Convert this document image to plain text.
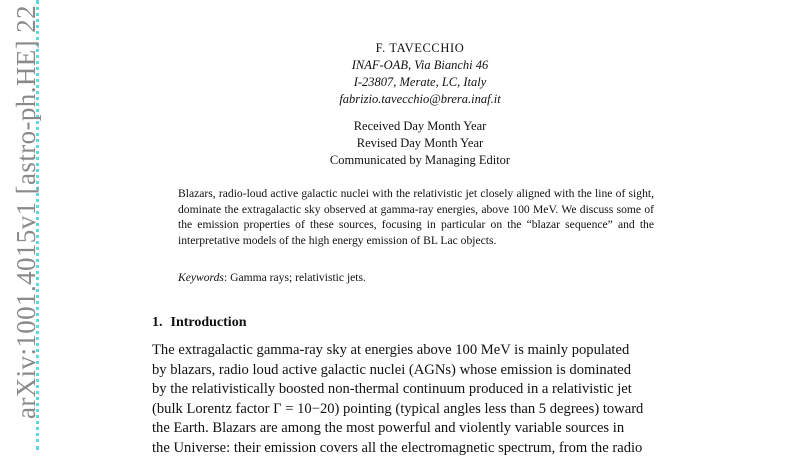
arXiv:1001.4015v1 [astro-ph.HE] 22	F. TAVECCHIO
INAF-OAB, Via Bianchi 46
I-23807, Merate, LC, Italy
fabrizio.tavecchio@brera.inaf.it
Received Day Month Year
Revised Day Month Year
Communicated by Managing Editor
Blazars, radio-loud active galactic nuclei with the relativistic jet closely aligned with the line of sight, dominate the extragalactic sky observed at gamma-ray energies, above 100 MeV. We discuss some of the emission properties of these sources, focusing in particular on the “blazar sequence” and the interpretative models of the high energy emission of BL Lac objects.
Keywords: Gamma rays; relativistic jets.
1. Introduction
The extragalactic gamma-ray sky at energies above 100 MeV is mainly populated
by blazars, radio loud active galactic nuclei (AGNs) whose emission is dominated
by the relativistically boosted non-thermal continuum produced in a relativistic jet
(bulk Lorentz factor Γ = 10−20) pointing (typical angles less than 5 degrees) toward
the Earth. Blazars are among the most powerful and violently variable sources in
the Universe: their emission covers all the electromagnetic spectrum, from the radio
